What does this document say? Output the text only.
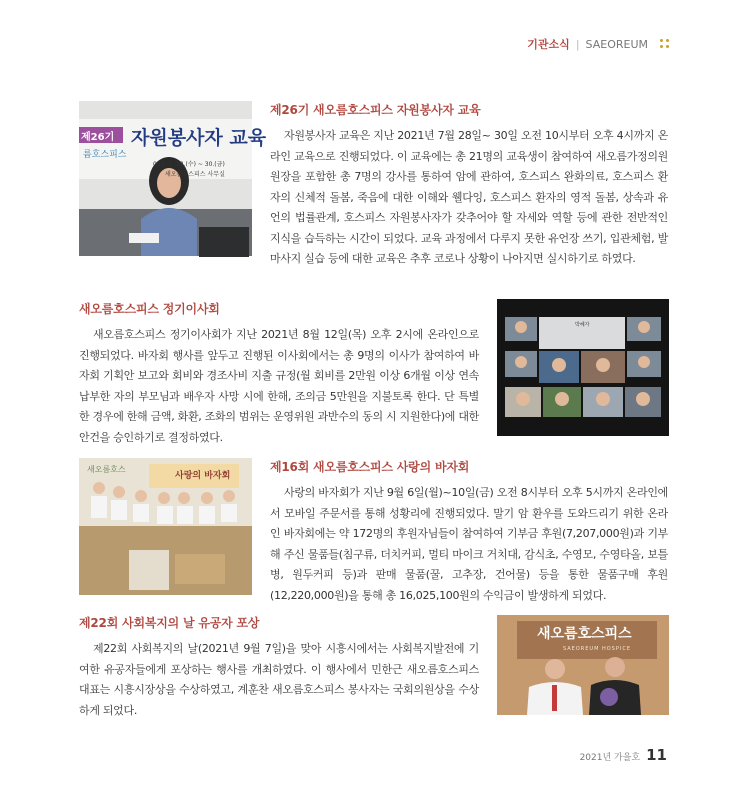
기관소식 | SAEOREUM
제26기 자원봉사자 교육
름호스피스
021. 7. 28.(수) ~ 30.(금)
새오름호스피스 사무실
제26기 새오름호스피스 자원봉사자 교육
자원봉사자 교육은 지난 2021년 7월 28일~ 30일 오전 10시부터 오후 4시까지 온라인 교육으로 진행되었다. 이 교육에는 총 21명의 교육생이 참여하여 새오름가정의원 원장을 포함한 총 7명의 강사를 통하여 암에 관하여, 호스피스 완화의료, 호스피스 환자의 신체적 돌봄, 죽음에 대한 이해와 웰다잉, 호스피스 환자의 영적 돌봄, 상속과 유언의 법률관계, 호스피스 자원봉사자가 갖추어야 할 자세와 역할 등에 관한 전반적인 지식을 습득하는 시간이 되었다. 교육 과정에서 다루지 못한 유언장 쓰기, 입관체험, 발 마사지 실습 등에 대한 교육은 추후 코로나 상황이 나아지면 실시하기로 하였다.
새오름호스피스 정기이사회
새오름호스피스 정기이사회가 지난 2021년 8월 12일(목) 오후 2시에 온라인으로 진행되었다. 바자회 행사를 앞두고 진행된 이사회에서는 총 9명의 이사가 참여하여 바자회 기획안 보고와 회비와 경조사비 지출 규정(월 회비를 2만원 이상 6개월 이상 연속 납부한 자의 부모님과 배우자 사망 시에 한해, 조의금 5만원을 지불토록 한다. 단 특별한 경우에 한해 금액, 화환, 조화의 범위는 운영위원 과반수의 동의 시 지원한다)에 대한 안건을 승인하기로 결정하였다.
박혜자
사랑의 바자회
새오름호스	제16회 새오름호스피스 사랑의 바자회
사랑의 바자회가 지난 9월 6일(월)~10일(금) 오전 8시부터 오후 5시까지 온라인에서 모바일 주문서를 통해 성황리에 진행되었다. 말기 암 환우를 도와드리기 위한 온라인 바자회에는 약 172명의 후원자님들이 참여하여 기부금 후원(7,207,000원)과 기부해 주신 물품들(침구류, 더치커피, 멀티 마이크 거치대, 감식초, 수영모, 수영타올, 보틀병, 원두커피 등)과 판매 물품(꿀, 고추장, 건어물) 등을 통한 물품구매 후원(12,220,000원)을 통해 총 16,025,100원의 수익금이 발생하게 되었다.
제22회 사회복지의 날 유공자 포상
제22회 사회복지의 날(2021년 9월 7일)을 맞아 시흥시에서는 사회복지발전에 기여한 유공자들에게 포상하는 행사를 개최하였다. 이 행사에서 민한근 새오름호스피스 대표는 시흥시장상을 수상하였고, 계훈찬 새오름호스피스 봉사자는 국회의원상을 수상하게 되었다.
새오름호스피스
SAEOREUM HOSPICE
2021년 가을호 11
